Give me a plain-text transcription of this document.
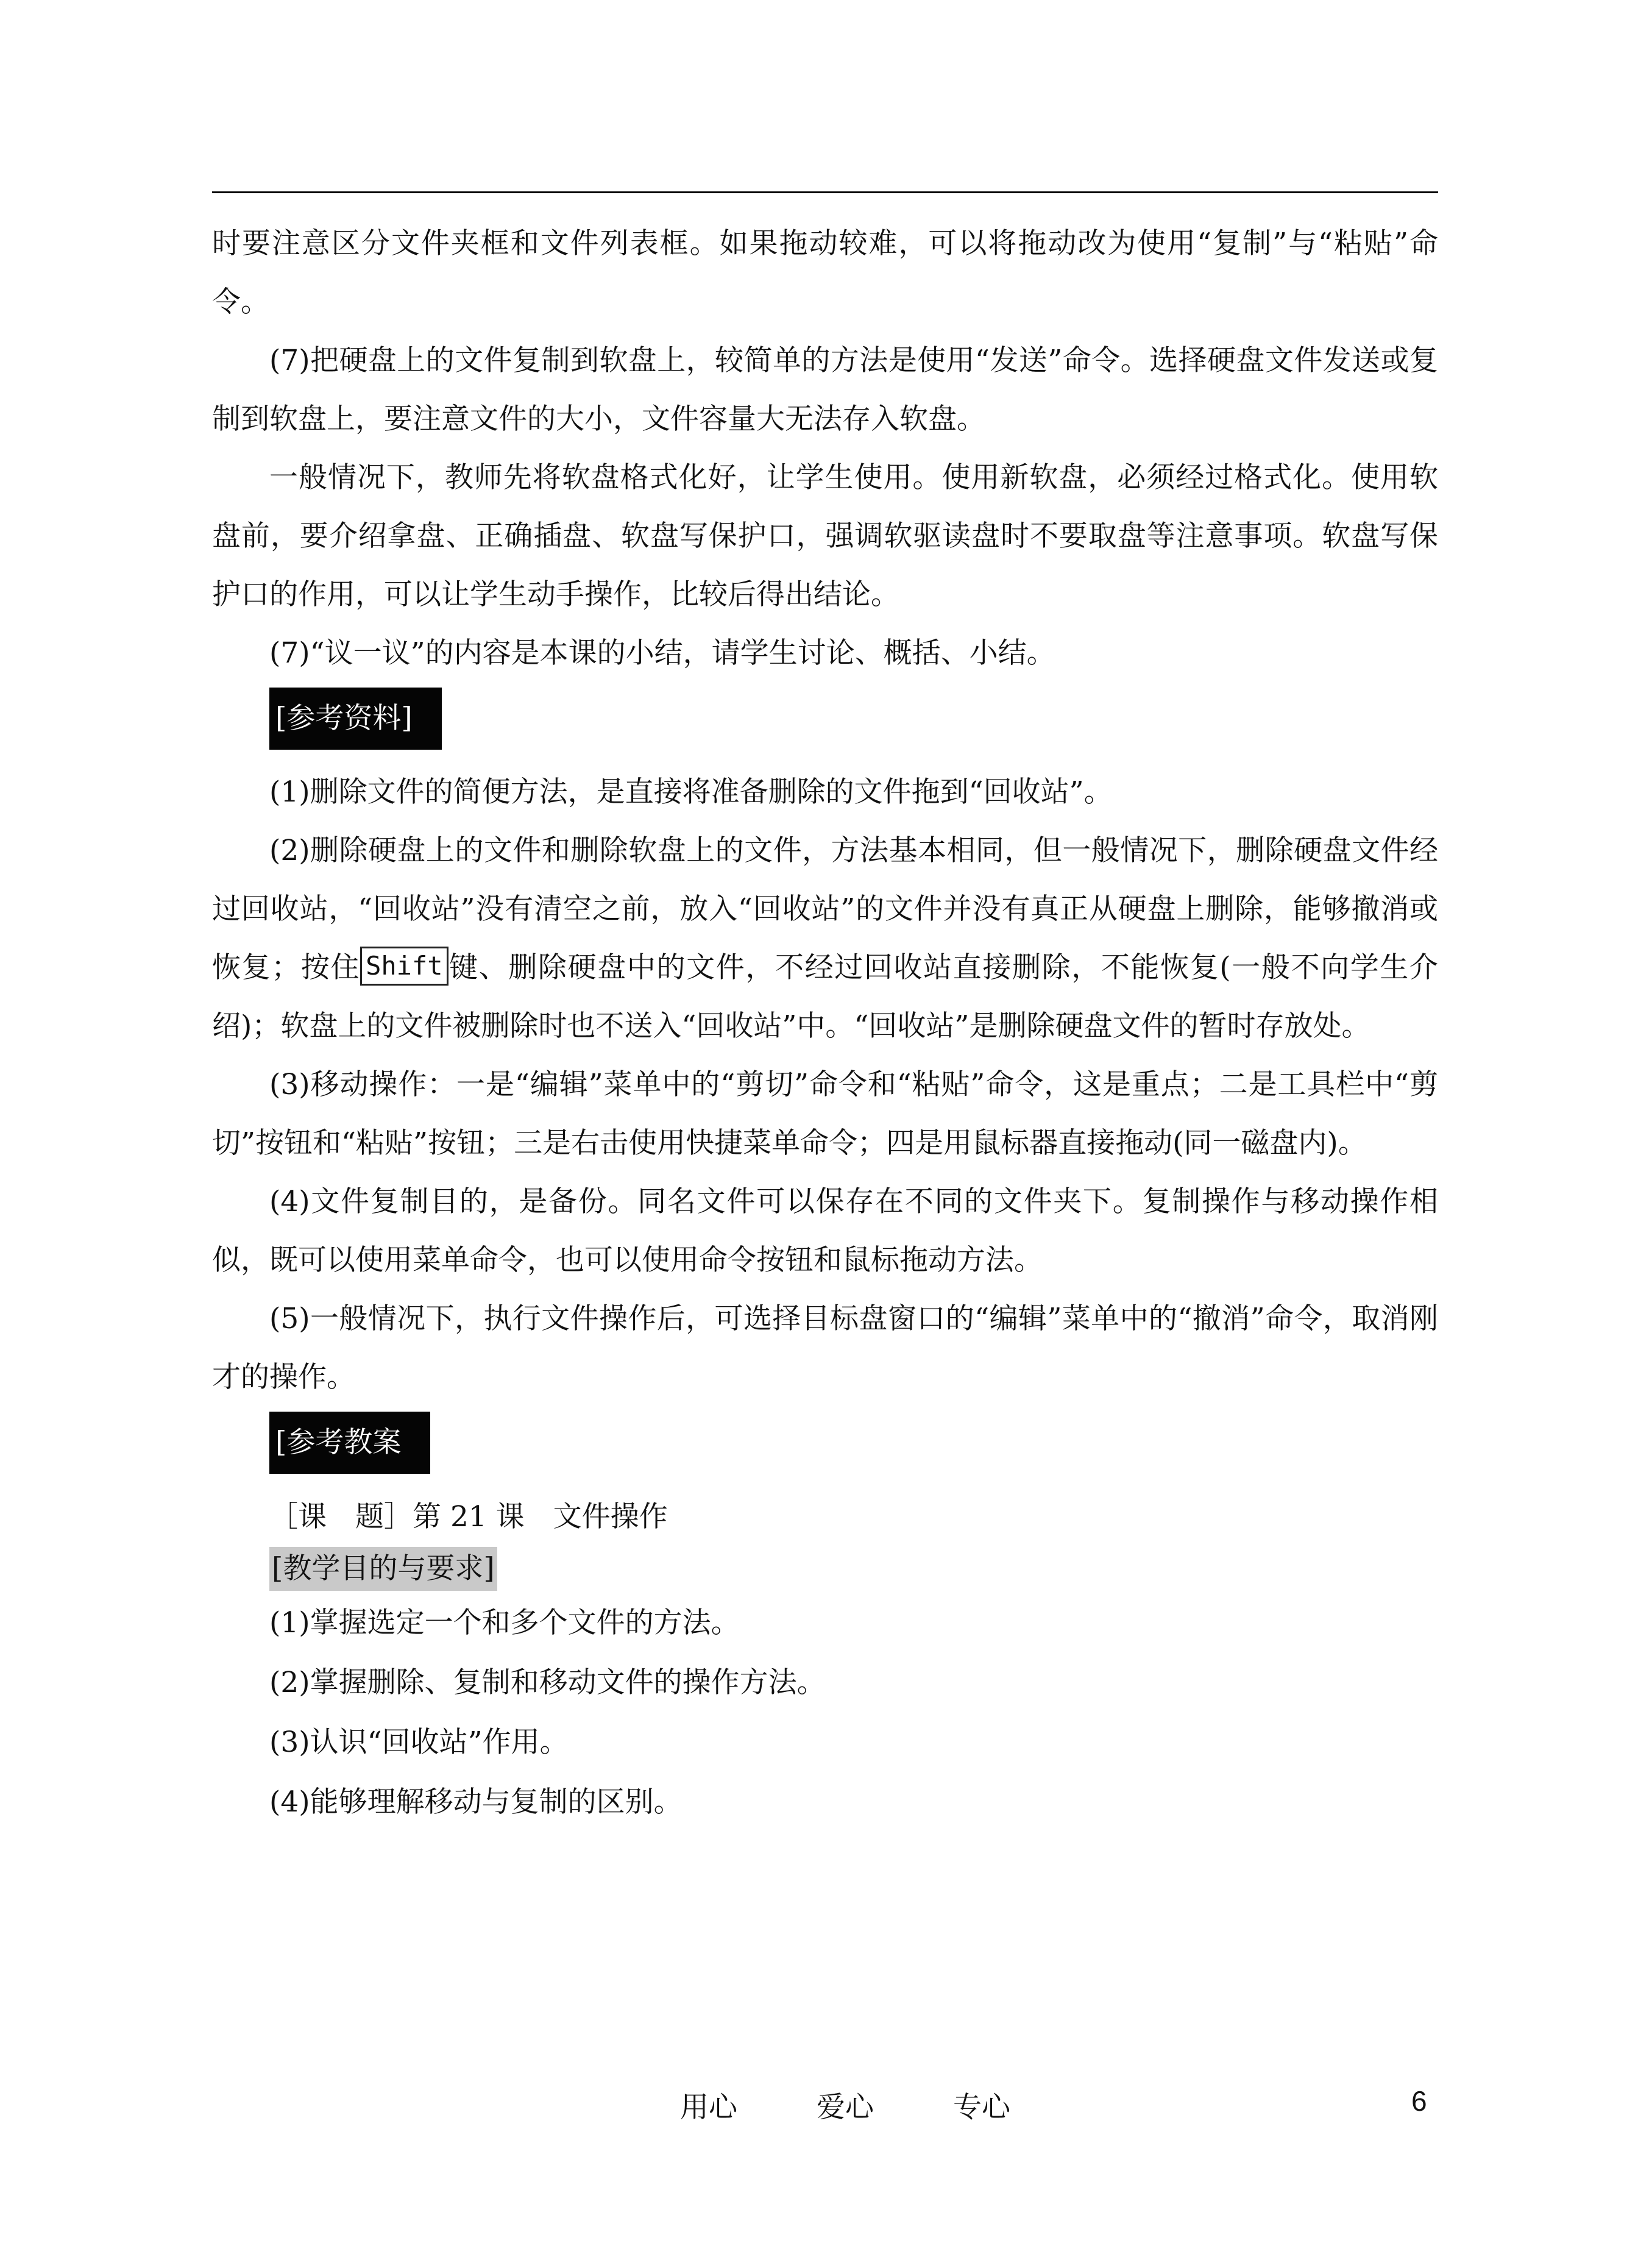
时要注意区分文件夹框和文件列表框。如果拖动较难，可以将拖动改为使用“复制”与“粘贴”命令。

(7)把硬盘上的文件复制到软盘上，较简单的方法是使用“发送”命令。选择硬盘文件发送或复制到软盘上，要注意文件的大小，文件容量大无法存入软盘。

一般情况下，教师先将软盘格式化好，让学生使用。使用新软盘，必须经过格式化。使用软盘前，要介绍拿盘、正确插盘、软盘写保护口，强调软驱读盘时不要取盘等注意事项。软盘写保护口的作用，可以让学生动手操作，比较后得出结论。

(7)“议一议”的内容是本课的小结，请学生讨论、概括、小结。

[参考资料]

(1)删除文件的简便方法，是直接将准备删除的文件拖到“回收站”。

(2)删除硬盘上的文件和删除软盘上的文件，方法基本相同，但一般情况下，删除硬盘文件经过回收站，“回收站”没有清空之前，放入“回收站”的文件并没有真正从硬盘上删除，能够撤消或恢复；按住 Shift 键、删除硬盘中的文件，不经过回收站直接删除，不能恢复(一般不向学生介绍)；软盘上的文件被删除时也不送入“回收站”中。“回收站”是删除硬盘文件的暂时存放处。

(3)移动操作：一是“编辑”菜单中的“剪切”命令和“粘贴”命令，这是重点；二是工具栏中“剪切”按钮和“粘贴”按钮；三是右击使用快捷菜单命令；四是用鼠标器直接拖动(同一磁盘内)。

(4)文件复制目的，是备份。同名文件可以保存在不同的文件夹下。复制操作与移动操作相似，既可以使用菜单命令，也可以使用命令按钮和鼠标拖动方法。

(5)一般情况下，执行文件操作后，可选择目标盘窗口的“编辑”菜单中的“撤消”命令，取消刚才的操作。

[参考教案

［课　题］第 21 课　文件操作

[教学目的与要求]

(1)掌握选定一个和多个文件的方法。

(2)掌握删除、复制和移动文件的操作方法。

(3)认识“回收站”作用。

(4)能够理解移动与复制的区别。

用心	爱心	专心	6
